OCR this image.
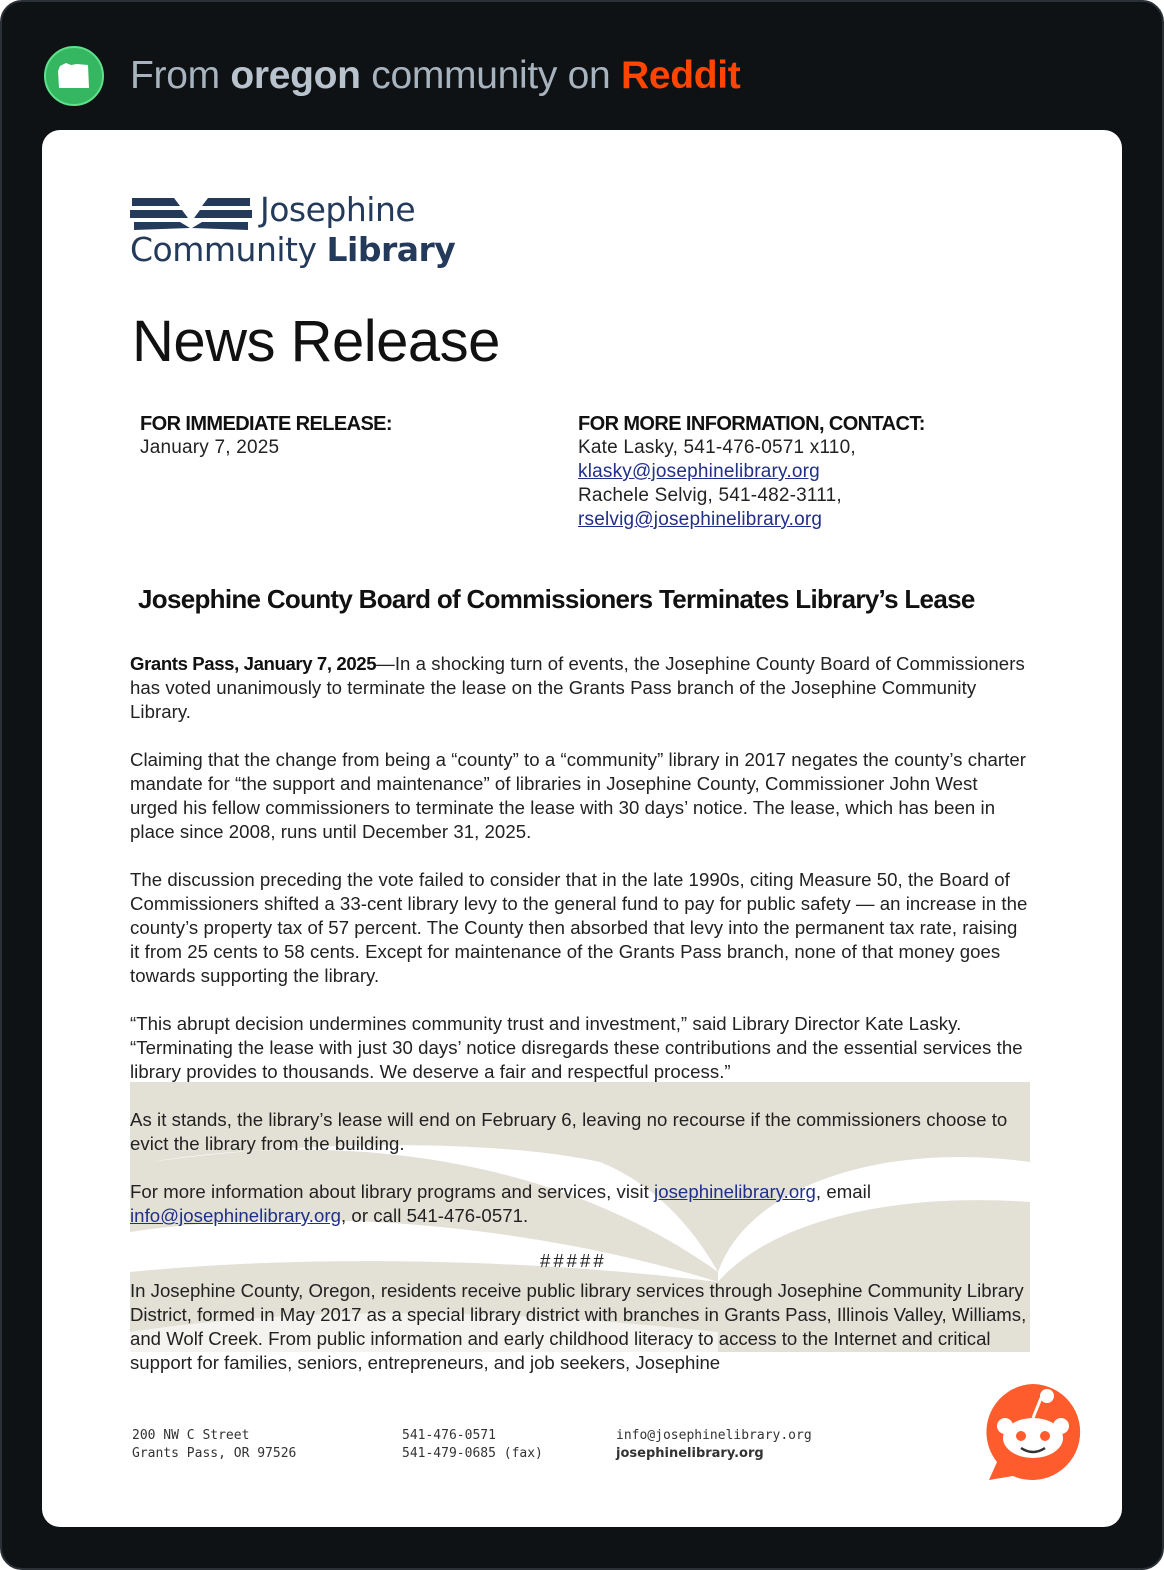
From oregon community on Reddit
Josephine
Community Library
News Release
FOR IMMEDIATE RELEASE:
January 7, 2025
FOR MORE INFORMATION, CONTACT:
Kate Lasky, 541-476-0571 x110,
klasky@josephinelibrary.org
Rachele Selvig, 541-482-3111,
rselvig@josephinelibrary.org
Josephine County Board of Commissioners Terminates Library’s Lease

Grants Pass, January 7, 2025—In a shocking turn of events, the Josephine County Board of Commissioners has voted unanimously to terminate the lease on the Grants Pass branch of the Josephine Community Library.

Claiming that the change from being a “county” to a “community” library in 2017 negates the county’s charter mandate for “the support and maintenance” of libraries in Josephine County, Commissioner John West urged his fellow commissioners to terminate the lease with 30 days’ notice. The lease, which has been in place since 2008, runs until December 31, 2025.

The discussion preceding the vote failed to consider that in the late 1990s, citing Measure 50, the Board of Commissioners shifted a 33-cent library levy to the general fund to pay for public safety — an increase in the county’s property tax of 57 percent. The County then absorbed that levy into the permanent tax rate, raising it from 25 cents to 58 cents. Except for maintenance of the Grants Pass branch, none of that money goes towards supporting the library.

“This abrupt decision undermines community trust and investment,” said Library Director Kate Lasky. “Terminating the lease with just 30 days’ notice disregards these contributions and the essential services the library provides to thousands. We deserve a fair and respectful process.”

As it stands, the library’s lease will end on February 6, leaving no recourse if the commissioners choose to evict the library from the building.

For more information about library programs and services, visit josephinelibrary.org, email info@josephinelibrary.org, or call 541-476-0571.

#####
In Josephine County, Oregon, residents receive public library services through Josephine Community Library District, formed in May 2017 as a special library district with branches in Grants Pass, Illinois Valley, Williams, and Wolf Creek. From public information and early childhood literacy to access to the Internet and critical support for families, seniors, entrepreneurs, and job seekers, Josephine
200 NW C Street
Grants Pass, OR 97526
541-476-0571
541-479-0685 (fax)
info@josephinelibrary.org
josephinelibrary.org
